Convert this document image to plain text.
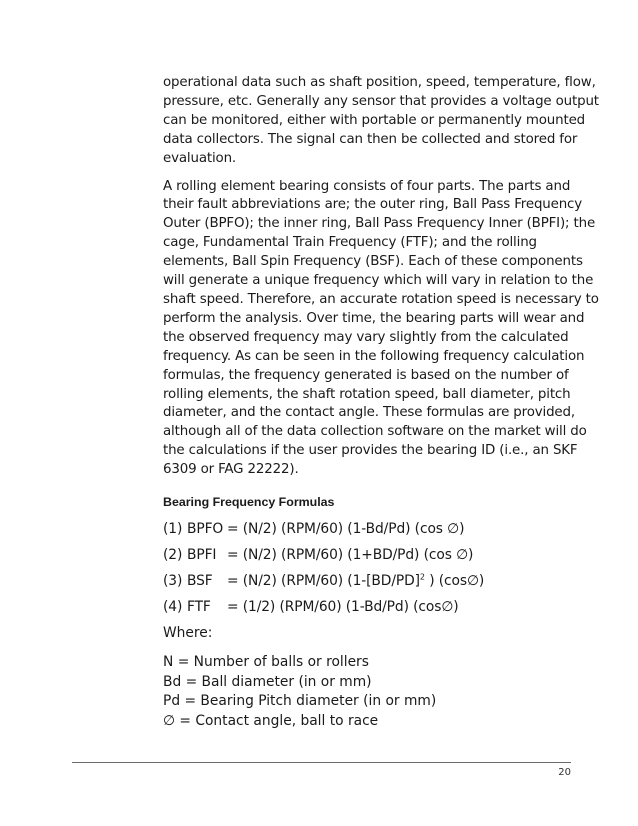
operational data such as shaft position, speed, temperature, flow,
pressure, etc. Generally any sensor that provides a voltage output
can be monitored, either with portable or permanently mounted
data collectors. The signal can then be collected and stored for
evaluation.

A rolling element bearing consists of four parts. The parts and
their fault abbreviations are; the outer ring, Ball Pass Frequency
Outer (BPFO); the inner ring, Ball Pass Frequency Inner (BPFI); the
cage, Fundamental Train Frequency (FTF); and the rolling
elements, Ball Spin Frequency (BSF). Each of these components
will generate a unique frequency which will vary in relation to the
shaft speed. Therefore, an accurate rotation speed is necessary to
perform the analysis. Over time, the bearing parts will wear and
the observed frequency may vary slightly from the calculated
frequency. As can be seen in the following frequency calculation
formulas, the frequency generated is based on the number of
rolling elements, the shaft rotation speed, ball diameter, pitch
diameter, and the contact angle. These formulas are provided,
although all of the data collection software on the market will do
the calculations if the user provides the bearing ID (i.e., an SKF
6309 or FAG 22222).

Bearing Frequency Formulas
(1) BPFO = (N/2) (RPM/60) (1-Bd/Pd) (cos ∅)
(2) BPFI = (N/2) (RPM/60) (1+BD/Pd) (cos ∅)
(3) BSF	= (N/2) (RPM/60) ($1-[BD/PD]^2$ ) (cos∅)
(4) FTF	= (1/2) (RPM/60) (1-Bd/Pd) (cos∅)
Where:
N = Number of balls or rollers
Bd = Ball diameter (in or mm)
Pd = Bearing Pitch diameter (in or mm)
∅ = Contact angle, ball to race
20
